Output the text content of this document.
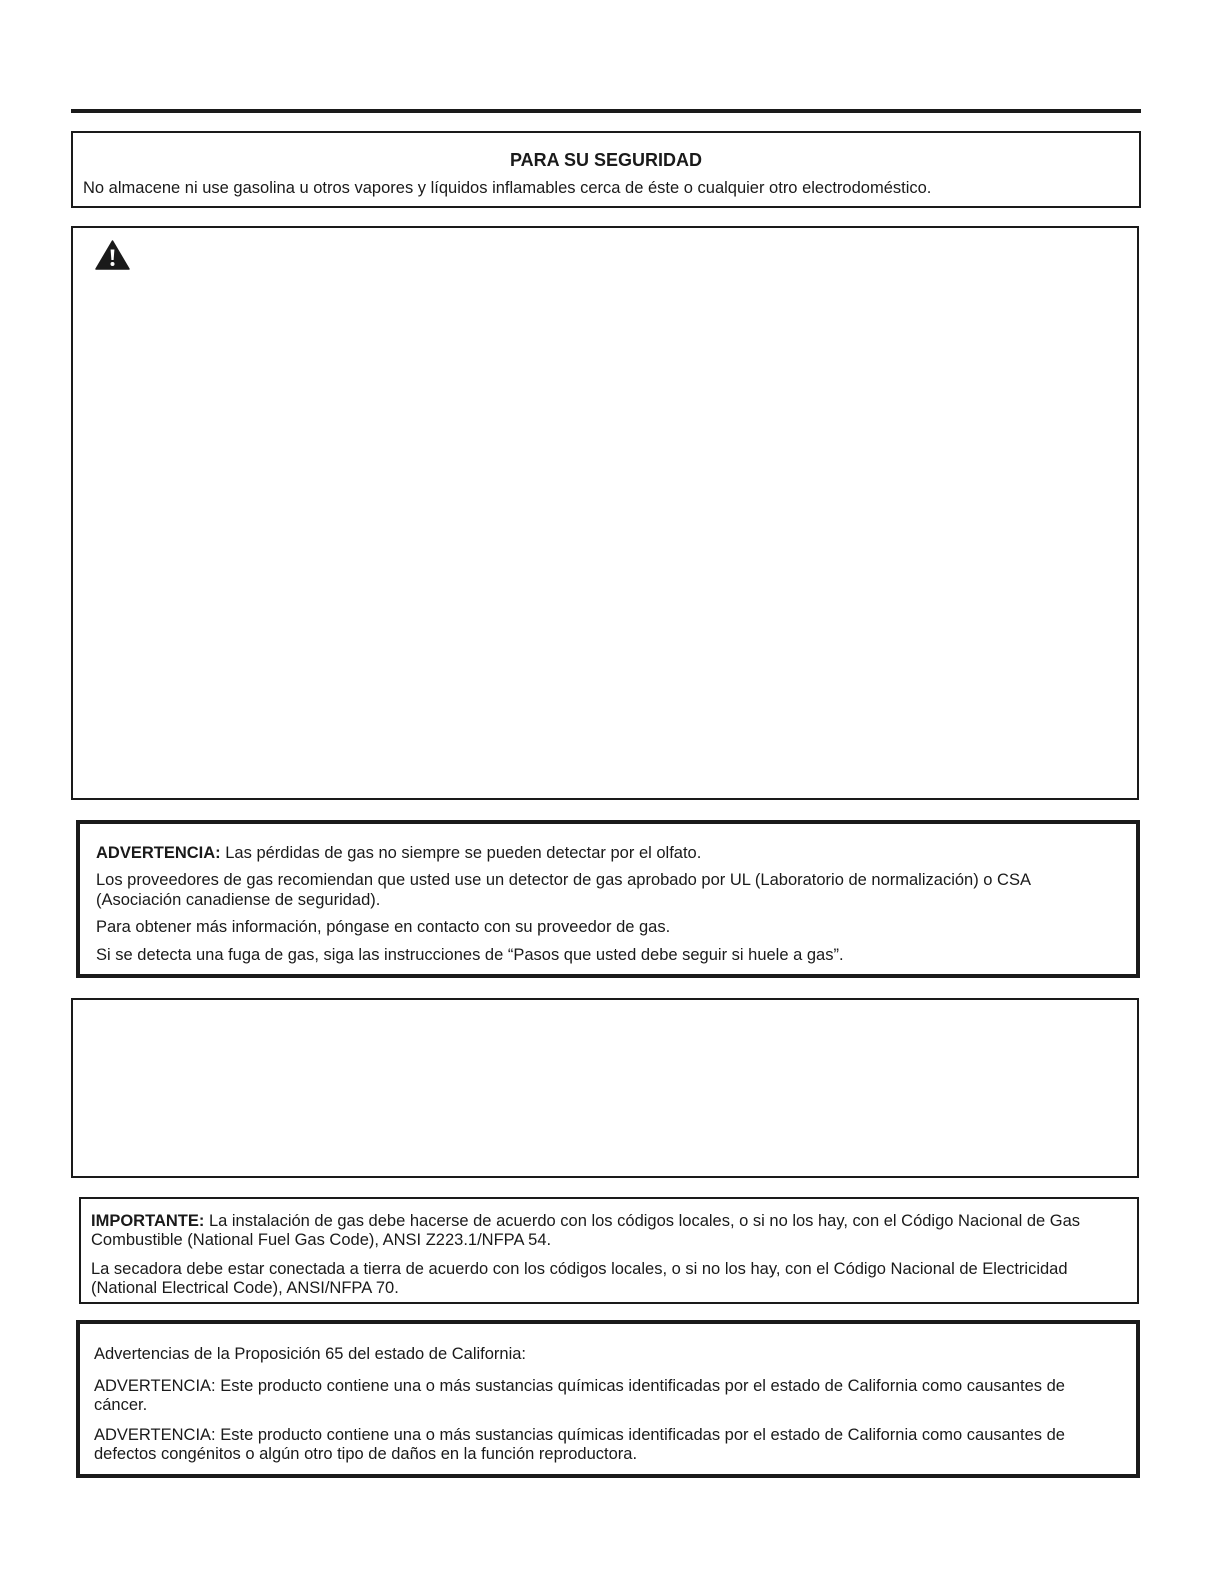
PARA SU SEGURIDAD
No almacene ni use gasolina u otros vapores y líquidos inflamables cerca de éste o cualquier otro electrodoméstico.
ADVERTENCIA: Las pérdidas de gas no siempre se pueden detectar por el olfato.
Los proveedores de gas recomiendan que usted use un detector de gas aprobado por UL (Laboratorio de normalización) o CSA (Asociación canadiense de seguridad).
Para obtener más información, póngase en contacto con su proveedor de gas.
Si se detecta una fuga de gas, siga las instrucciones de “Pasos que usted debe seguir si huele a gas”.
IMPORTANTE: La instalación de gas debe hacerse de acuerdo con los códigos locales, o si no los hay, con el Código Nacional de Gas Combustible (National Fuel Gas Code), ANSI Z223.1/NFPA 54.
La secadora debe estar conectada a tierra de acuerdo con los códigos locales, o si no los hay, con el Código Nacional de Electricidad (National Electrical Code), ANSI/NFPA 70.
Advertencias de la Proposición 65 del estado de California:
ADVERTENCIA: Este producto contiene una o más sustancias químicas identificadas por el estado de California como causantes de cáncer.
ADVERTENCIA: Este producto contiene una o más sustancias químicas identificadas por el estado de California como causantes de defectos congénitos o algún otro tipo de daños en la función reproductora.
